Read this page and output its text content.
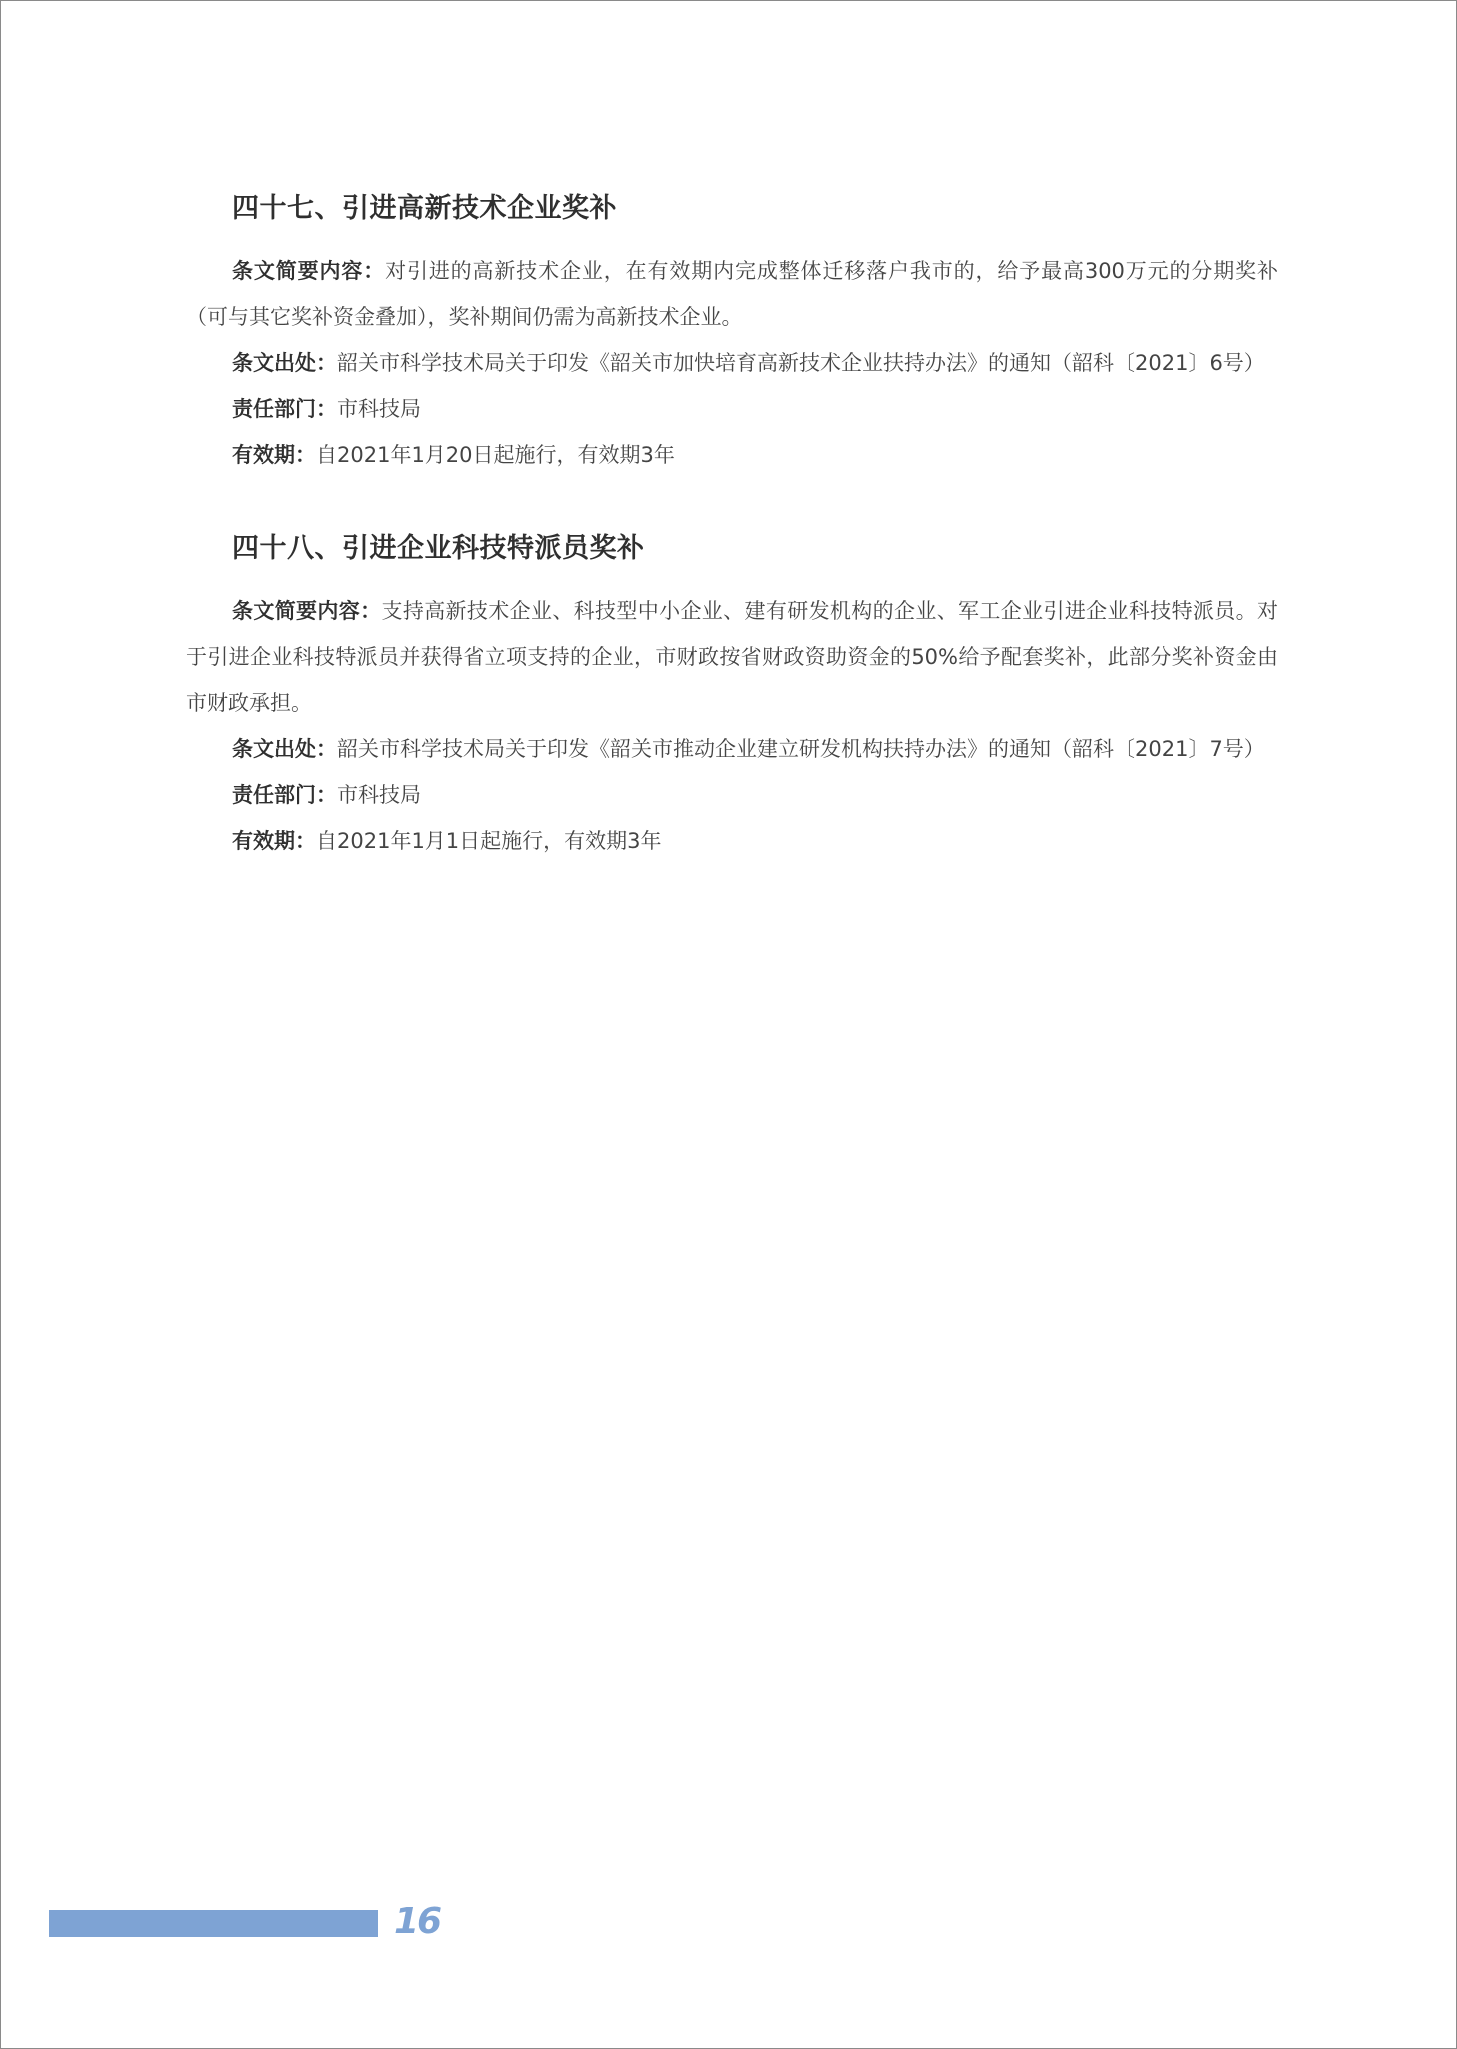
四十七、引进高新技术企业奖补

条文简要内容：对引进的高新技术企业，在有效期内完成整体迁移落户我市的，给予最高300万元的分期奖补（可与其它奖补资金叠加），奖补期间仍需为高新技术企业。

条文出处：韶关市科学技术局关于印发《韶关市加快培育高新技术企业扶持办法》的通知（韶科〔2021〕6号）

责任部门：市科技局

有效期：自2021年1月20日起施行，有效期3年

四十八、引进企业科技特派员奖补

条文简要内容：支持高新技术企业、科技型中小企业、建有研发机构的企业、军工企业引进企业科技特派员。对于引进企业科技特派员并获得省立项支持的企业，市财政按省财政资助资金的50%给予配套奖补，此部分奖补资金由市财政承担。

条文出处：韶关市科学技术局关于印发《韶关市推动企业建立研发机构扶持办法》的通知（韶科〔2021〕7号）

责任部门：市科技局

有效期：自2021年1月1日起施行，有效期3年

16
